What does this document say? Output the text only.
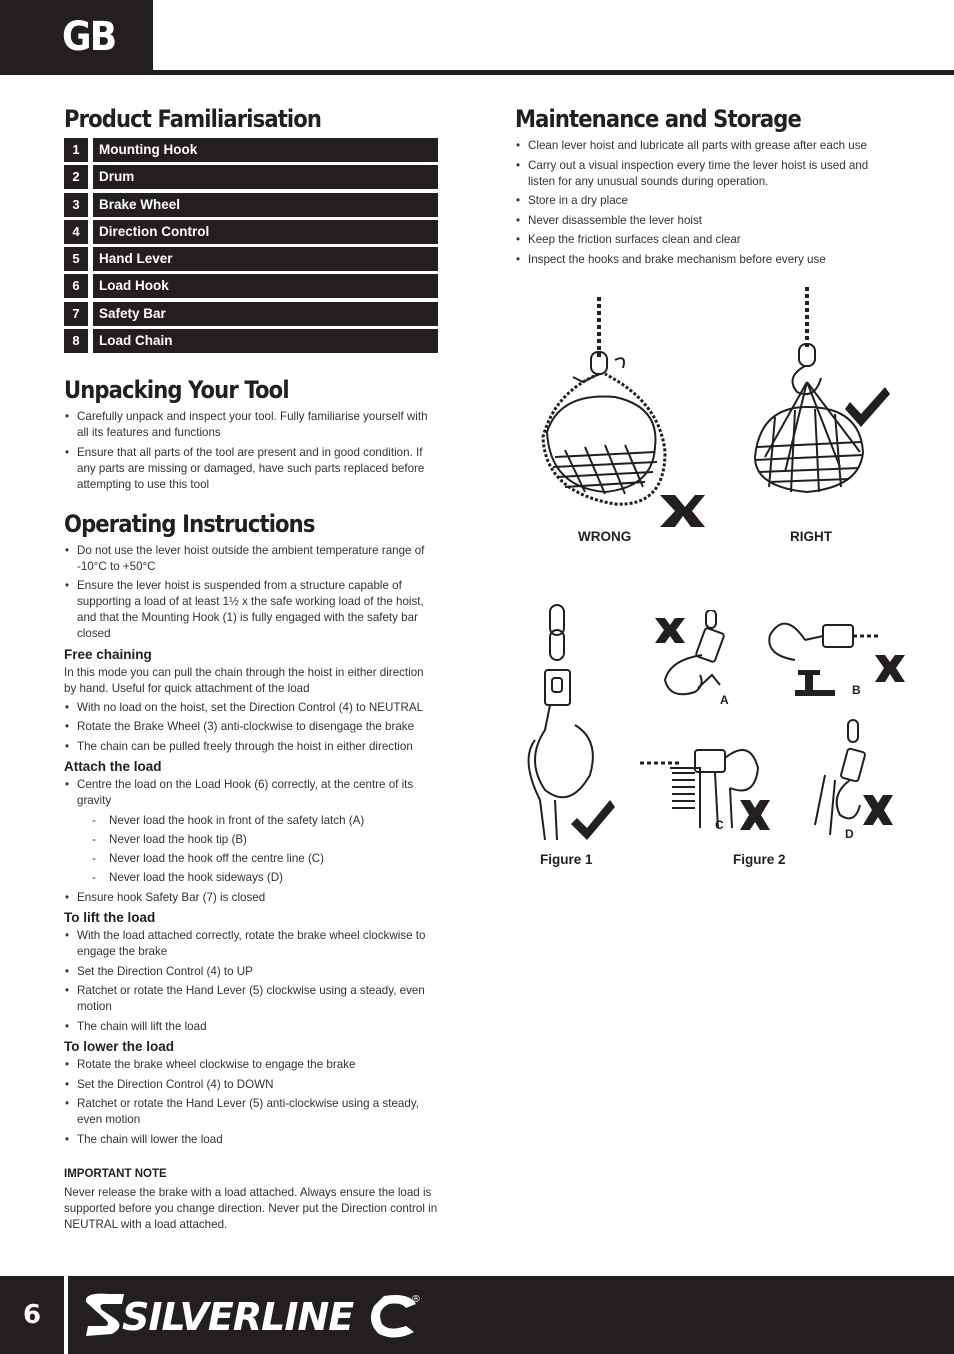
GB
Product Familiarisation
1	Mounting Hook
2	Drum
3	Brake Wheel
4	Direction Control
5	Hand Lever
6	Load Hook
7	Safety Bar
8	Load Chain
Unpacking Your Tool
• Carefully unpack and inspect your tool. Fully familiarise yourself with all its features and functions
• Ensure that all parts of the tool are present and in good condition. If any parts are missing or damaged, have such parts replaced before attempting to use this tool
Operating Instructions
• Do not use the lever hoist outside the ambient temperature range of -10°C to +50°C
• Ensure the lever hoist is suspended from a structure capable of supporting a load of at least 1½ x the safe working load of the hoist, and that the Mounting Hook (1) is fully engaged with the safety bar closed
Free chaining

In this mode you can pull the chain through the hoist in either direction by hand. Useful for quick attachment of the load

• With no load on the hoist, set the Direction Control (4) to NEUTRAL
• Rotate the Brake Wheel (3) anti-clockwise to disengage the brake
• The chain can be pulled freely through the hoist in either direction
Attach the load
• Centre the load on the Load Hook (6) correctly, at the centre of its gravity
- Never load the hook in front of the safety latch (A)
- Never load the hook tip (B)
- Never load the hook off the centre line (C)
- Never load the hook sideways (D)
• Ensure hook Safety Bar (7) is closed
To lift the load
• With the load attached correctly, rotate the brake wheel clockwise to engage the brake
• Set the Direction Control (4) to UP
• Ratchet or rotate the Hand Lever (5) clockwise using a steady, even motion
• The chain will lift the load
To lower the load
• Rotate the brake wheel clockwise to engage the brake
• Set the Direction Control (4) to DOWN
• Ratchet or rotate the Hand Lever (5) anti-clockwise using a steady, even motion
• The chain will lower the load
IMPORTANT NOTE

Never release the brake with a load attached. Always ensure the load is supported before you change direction. Never put the Direction control in NEUTRAL with a load attached.

Maintenance and Storage
• Clean lever hoist and lubricate all parts with grease after each use
• Carry out a visual inspection every time the lever hoist is used and listen for any unusual sounds during operation.
• Store in a dry place
• Never disassemble the lever hoist
• Keep the friction surfaces clean and clear
• Inspect the hooks and brake mechanism before every use
WRONG	RIGHT
Figure 1
A
B
C
D
Figure 2
6 SILVERLINE	®
